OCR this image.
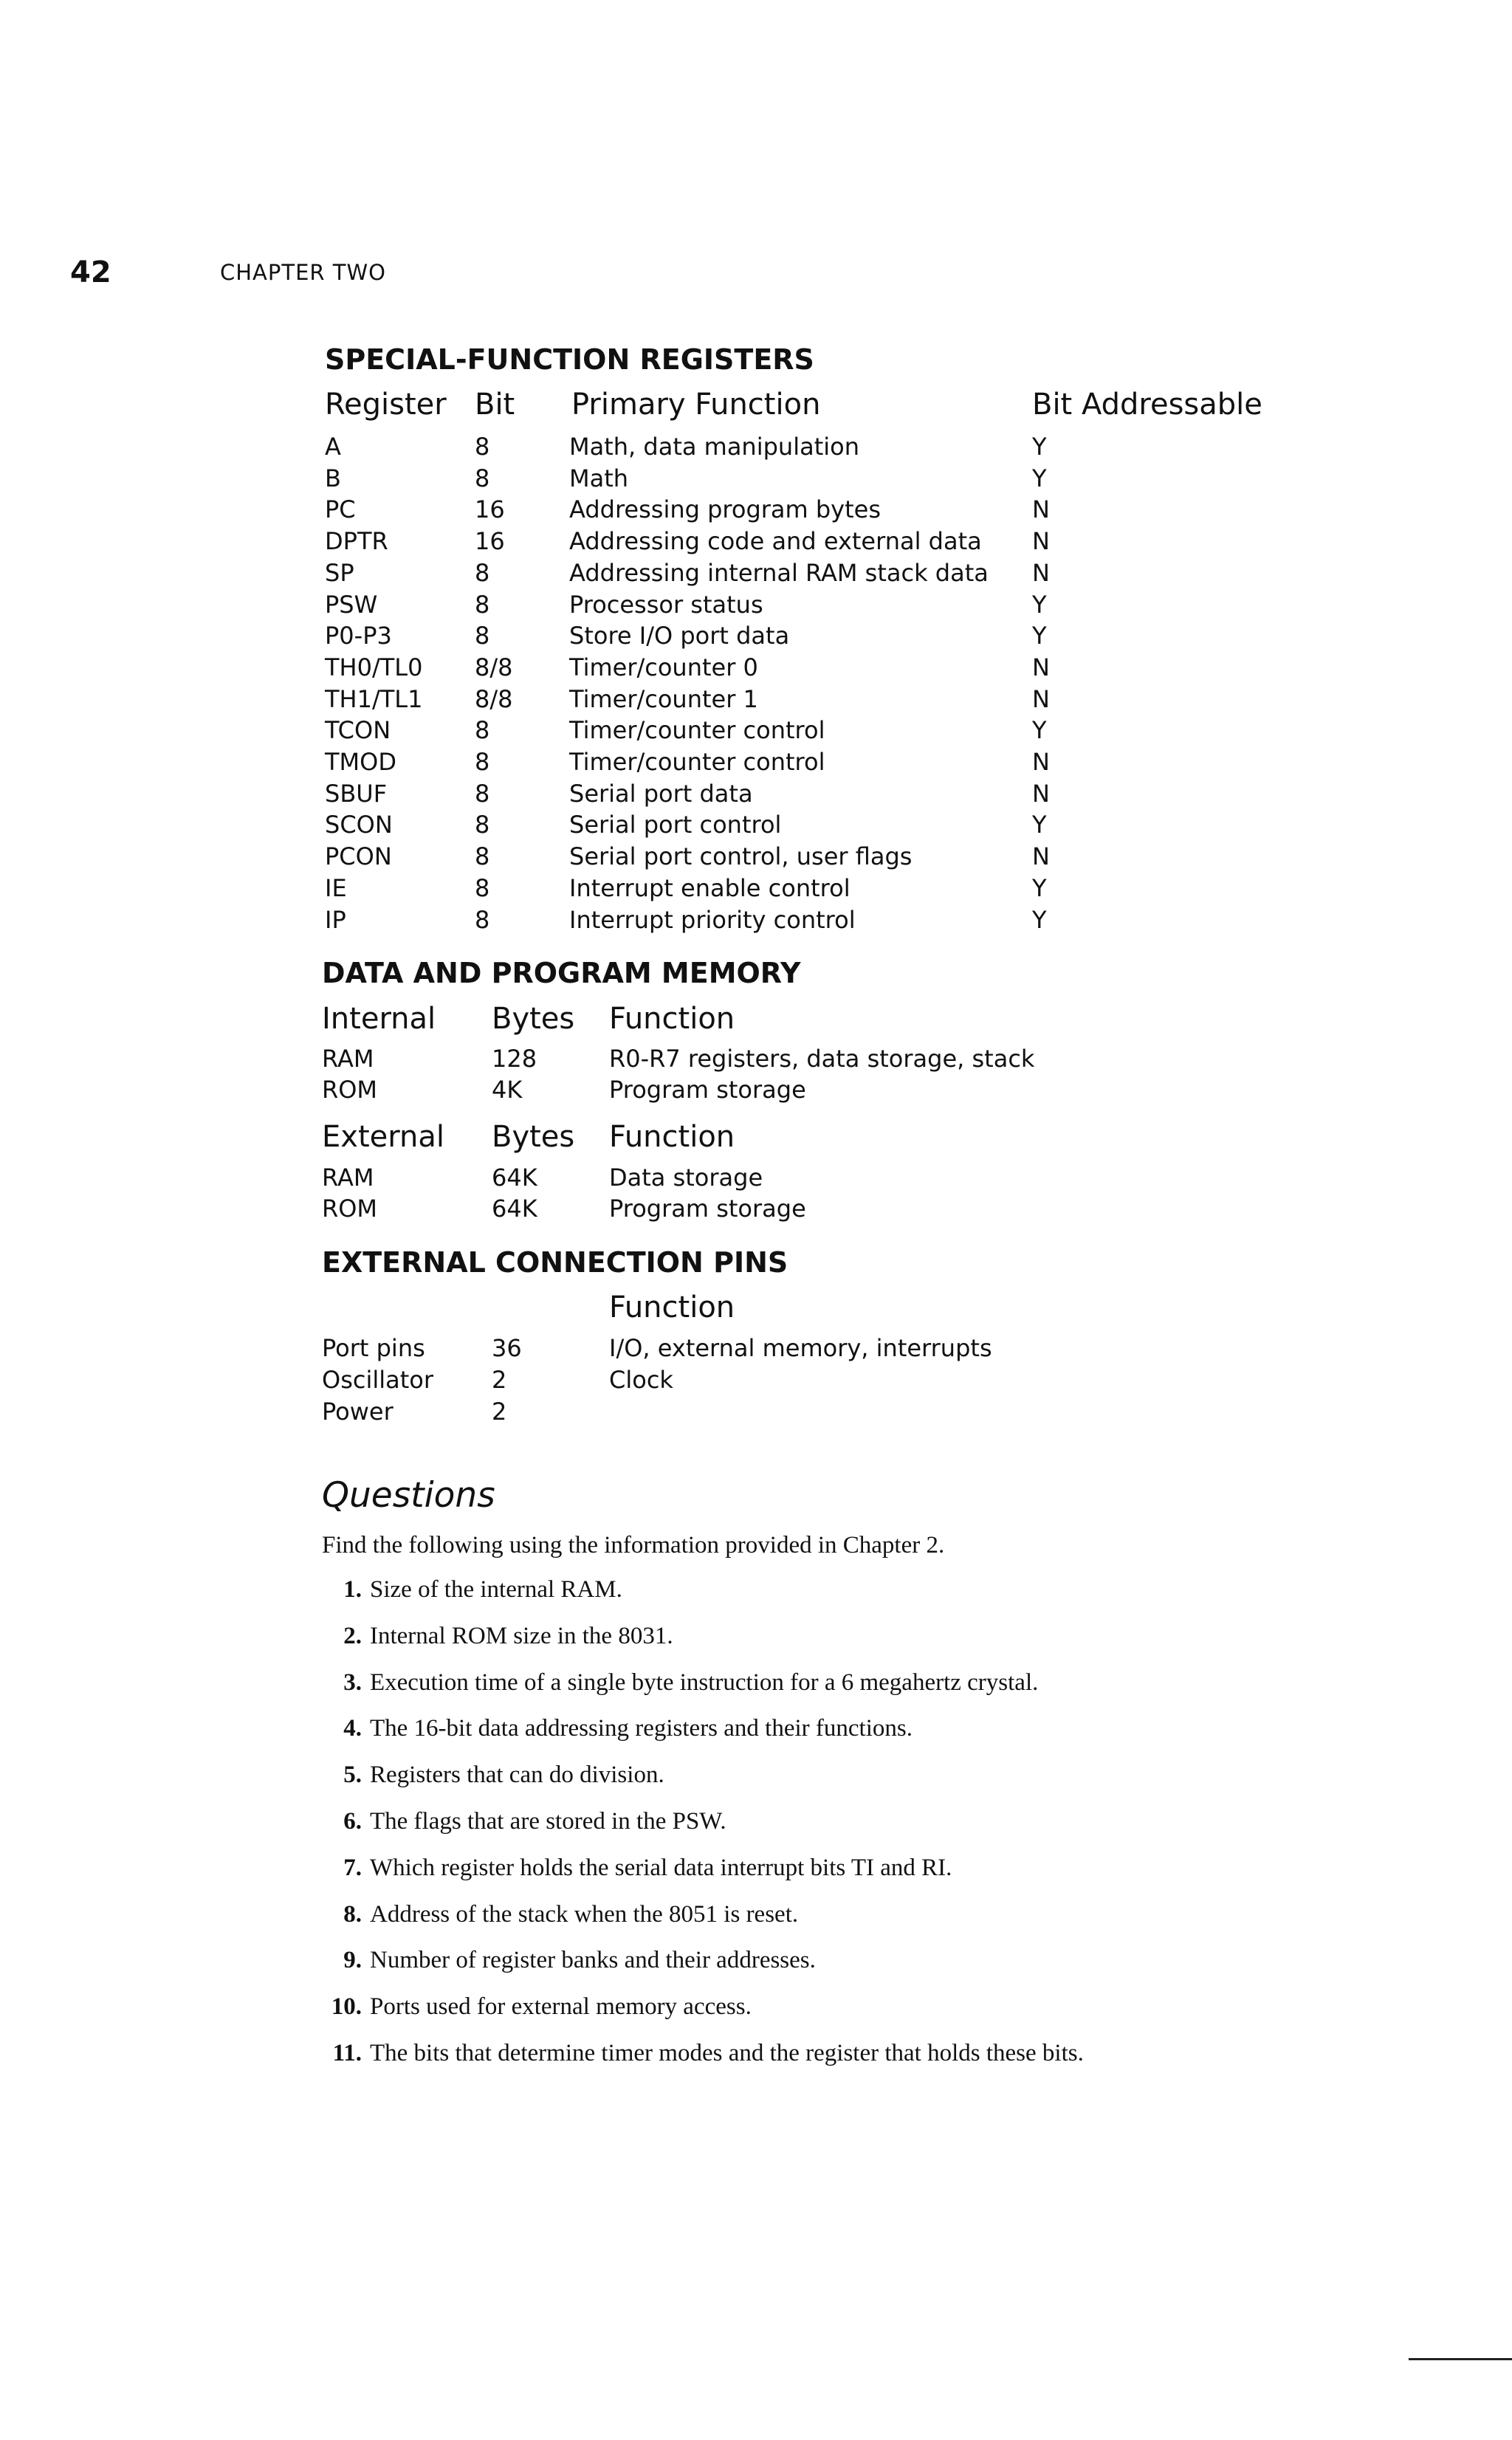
42	CHAPTER TWO
SPECIAL-FUNCTION REGISTERS
Register Bit Primary Function	Bit Addressable
A	8	Math, data manipulation	Y
B	8	Math	Y
PC	16	Addressing program bytes	N
DPTR	16	Addressing code and external data N
SP	8	Addressing internal RAM stack data N
PSW	8	Processor status	Y
P0-P3	8	Store I/O port data	Y
TH0/TL0 8/8 Timer/counter 0	N
TH1/TL1 8/8 Timer/counter 1	N
TCON	8	Timer/counter control	Y
TMOD	8	Timer/counter control	N
SBUF	8	Serial port data	N
SCON	8	Serial port control	Y
PCON	8	Serial port control, user flags	N
IE	8	Interrupt enable control	Y
IP	8	Interrupt priority control	Y
DATA AND PROGRAM MEMORY
Internal Bytes Function
RAM	128	R0-R7 registers, data storage, stack
ROM	4K	Program storage
External Bytes Function
RAM	64K	Data storage
ROM	64K	Program storage
EXTERNAL CONNECTION PINS
Function
Port pins	36	I/O, external memory, interrupts
Oscillator 2	Clock
Power	2
Questions
Find the following using the information provided in Chapter 2.
1. Size of the internal RAM.
2. Internal ROM size in the 8031.
3. Execution time of a single byte instruction for a 6 megahertz crystal.
4. The 16-bit data addressing registers and their functions.
5. Registers that can do division.
6. The flags that are stored in the PSW.
7. Which register holds the serial data interrupt bits TI and RI.
8. Address of the stack when the 8051 is reset.
9. Number of register banks and their addresses.
10. Ports used for external memory access.
11. The bits that determine timer modes and the register that holds these bits.
